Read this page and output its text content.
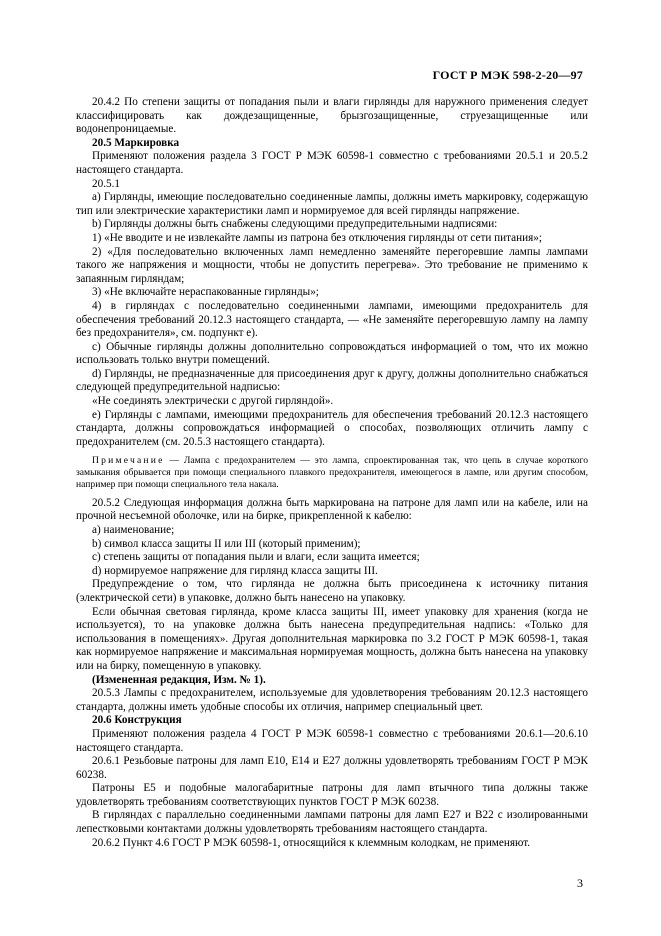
ГОСТ Р МЭК 598-2-20—97

20.4.2 По степени защиты от попадания пыли и влаги гирлянды для наружного применения следует классифицировать как дождезащищенные, брызгозащищенные, струезащищенные или водонепроницаемые.

20.5 Маркировка

Применяют положения раздела 3 ГОСТ Р МЭК 60598-1 совместно с требованиями 20.5.1 и 20.5.2 настоящего стандарта.

20.5.1

a) Гирлянды, имеющие последовательно соединенные лампы, должны иметь маркировку, содержащую тип или электрические характеристики ламп и нормируемое для всей гирлянды напряжение.

b) Гирлянды должны быть снабжены следующими предупредительными надписями:

1) «Не вводите и не извлекайте лампы из патрона без отключения гирлянды от сети питания»;

2) «Для последовательно включенных ламп немедленно заменяйте перегоревшие лампы лампами такого же напряжения и мощности, чтобы не допустить перегрева». Это требование не применимо к запаянным гирляндам;

3) «Не включайте нераспакованные гирлянды»;

4) в гирляндах с последовательно соединенными лампами, имеющими предохранитель для обеспечения требований 20.12.3 настоящего стандарта, — «Не заменяйте перегоревшую лампу на лампу без предохранителя», см. подпункт e).

c) Обычные гирлянды должны дополнительно сопровождаться информацией о том, что их можно использовать только внутри помещений.

d) Гирлянды, не предназначенные для присоединения друг к другу, должны дополнительно снабжаться следующей предупредительной надписью:

«Не соединять электрически с другой гирляндой».

e) Гирлянды с лампами, имеющими предохранитель для обеспечения требований 20.12.3 настоящего стандарта, должны сопровождаться информацией о способах, позволяющих отличить лампу с предохранителем (см. 20.5.3 настоящего стандарта).

Примечание — Лампа с предохранителем — это лампа, спроектированная так, что цепь в случае короткого замыкания обрывается при помощи специального плавкого предохранителя, имеющегося в лампе, или другим способом, например при помощи специального тела накала.

20.5.2 Следующая информация должна быть маркирована на патроне для ламп или на кабеле, или на прочной несъемной оболочке, или на бирке, прикрепленной к кабелю:

a) наименование;

b) символ класса защиты II или III (который применим);

c) степень защиты от попадания пыли и влаги, если защита имеется;

d) нормируемое напряжение для гирлянд класса защиты III.

Предупреждение о том, что гирлянда не должна быть присоединена к источнику питания (электрической сети) в упаковке, должно быть нанесено на упаковку.

Если обычная световая гирлянда, кроме класса защиты III, имеет упаковку для хранения (когда не используется), то на упаковке должна быть нанесена предупредительная надпись: «Только для использования в помещениях». Другая дополнительная маркировка по 3.2 ГОСТ Р МЭК 60598-1, такая как нормируемое напряжение и максимальная нормируемая мощность, должна быть нанесена на упаковку или на бирку, помещенную в упаковку.

(Измененная редакция, Изм. № 1).

20.5.3 Лампы с предохранителем, используемые для удовлетворения требованиям 20.12.3 настоящего стандарта, должны иметь удобные способы их отличия, например специальный цвет.

20.6 Конструкция

Применяют положения раздела 4 ГОСТ Р МЭК 60598-1 совместно с требованиями 20.6.1—20.6.10 настоящего стандарта.

20.6.1 Резьбовые патроны для ламп E10, E14 и E27 должны удовлетворять требованиям ГОСТ Р МЭК 60238.

Патроны E5 и подобные малогабаритные патроны для ламп втычного типа должны также удовлетворять требованиям соответствующих пунктов ГОСТ Р МЭК 60238.

В гирляндах с параллельно соединенными лампами патроны для ламп E27 и B22 с изолированными лепестковыми контактами должны удовлетворять требованиям настоящего стандарта.

20.6.2 Пункт 4.6 ГОСТ Р МЭК 60598-1, относящийся к клеммным колодкам, не применяют.

3
